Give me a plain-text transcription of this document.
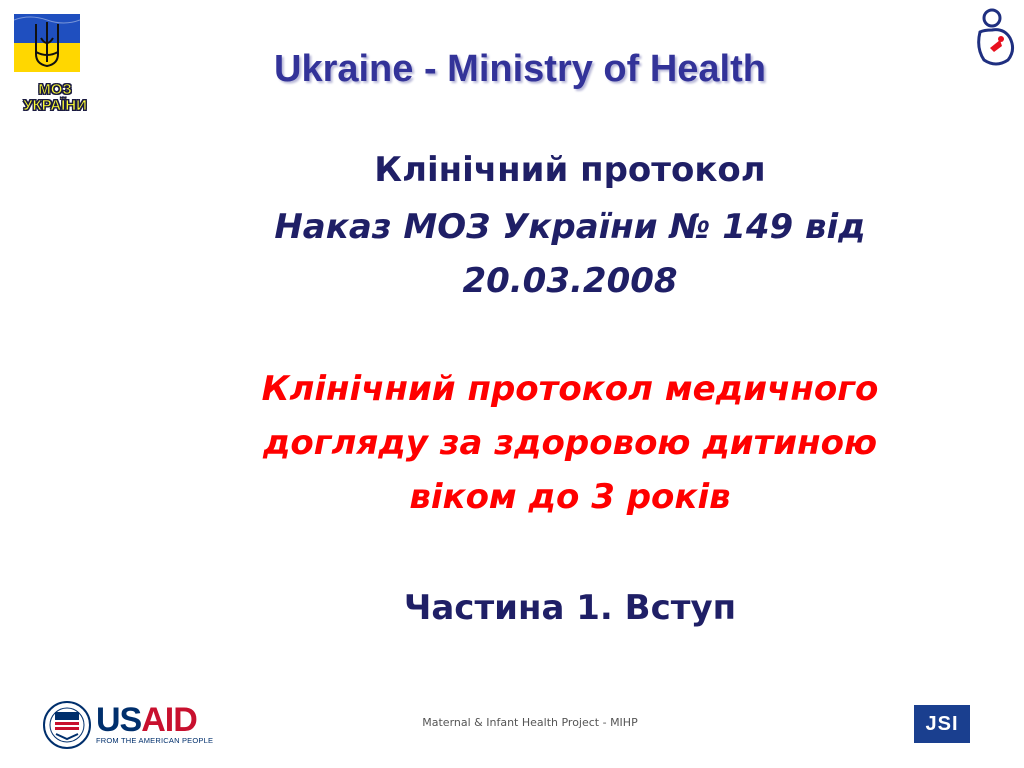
МОЗ
УКРАЇНИ
Ukraine - Ministry of Health
Клінічний протокол
Наказ МОЗ України № 149 від
20.03.2008
Клінічний протокол медичного
догляду за здоровою дитиною
віком до 3 років
Частина 1. Вступ
USAID
FROM THE AMERICAN PEOPLE
Maternal & Infant Health Project - MIHP	JSI
